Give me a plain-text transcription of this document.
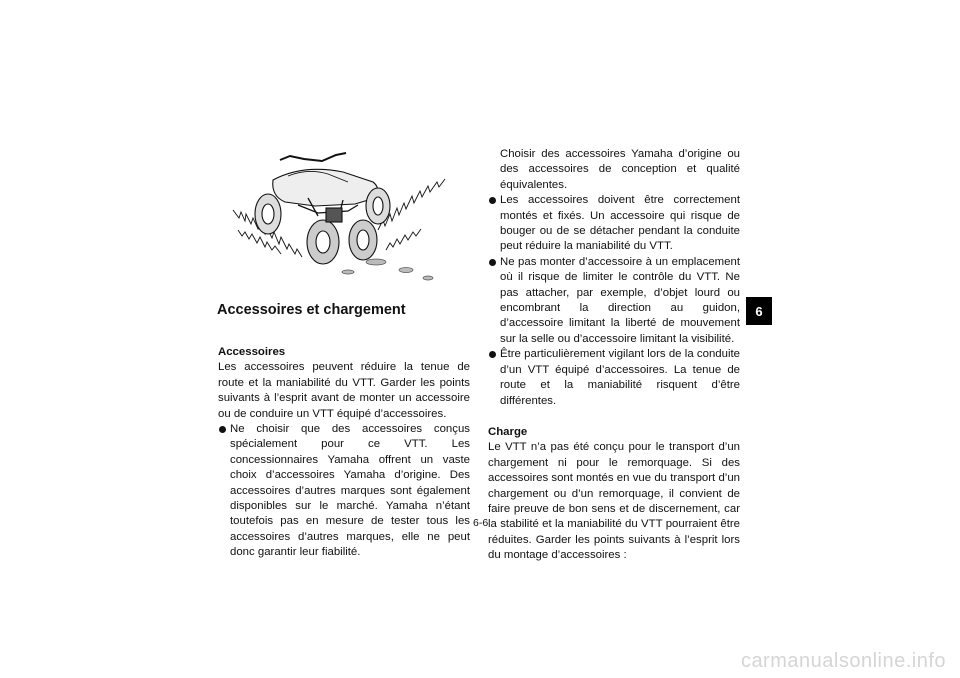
Accessoires et chargement

Accessoires

Les accessoires peuvent réduire la tenue de route et la maniabilité du VTT. Garder les points suivants à l’esprit avant de monter un accessoire ou de conduire un VTT équipé d’accessoires.

Ne choisir que des accessoires conçus spécialement pour ce VTT. Les concessionnaires Yamaha offrent un vaste choix d’accessoires Yamaha d’origine. Des accessoires d’autres marques sont également disponibles sur le marché. Yamaha n’étant toutefois pas en mesure de tester tous les accessoires d’autres marques, elle ne peut donc garantir leur fiabilité.

Choisir des accessoires Yamaha d’origine ou des accessoires de conception et qualité équivalentes.

Les accessoires doivent être correctement montés et fixés. Un accessoire qui risque de bouger ou de se détacher pendant la conduite peut réduire la maniabilité du VTT.
Ne pas monter d’accessoire à un emplacement où il risque de limiter le contrôle du VTT. Ne pas attacher, par exemple, d’objet lourd ou encombrant la direction au guidon, d’accessoire limitant la liberté de mouvement sur la selle ou d’accessoire limitant la visibilité.
Être particulièrement vigilant lors de la conduite d’un VTT équipé d’accessoires. La tenue de route et la maniabilité risquent d’être différentes.

Charge

Le VTT n’a pas été conçu pour le transport d’un chargement ni pour le remorquage. Si des accessoires sont montés en vue du transport d’un chargement ou d’un remorquage, il convient de faire preuve de bon sens et de discernement, car la stabilité et la maniabilité du VTT pourraient être réduites. Garder les points suivants à l’esprit lors du montage d’accessoires :

6-6
6
carmanualsonline.info
